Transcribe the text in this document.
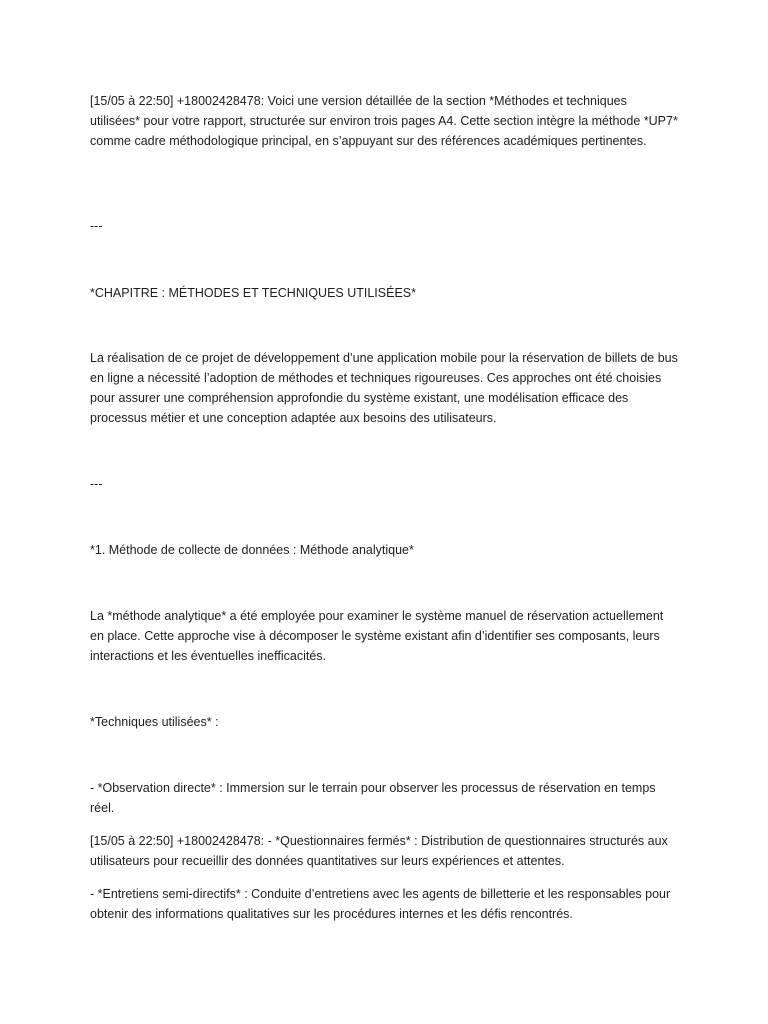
[15/05 à 22:50] +18002428478: Voici une version détaillée de la section *Méthodes et techniques utilisées* pour votre rapport, structurée sur environ trois pages A4. Cette section intègre la méthode *UP7* comme cadre méthodologique principal, en s’appuyant sur des références académiques pertinentes.

---

*CHAPITRE : MÉTHODES ET TECHNIQUES UTILISÉES*

La réalisation de ce projet de développement d’une application mobile pour la réservation de billets de bus en ligne a nécessité l’adoption de méthodes et techniques rigoureuses. Ces approches ont été choisies pour assurer une compréhension approfondie du système existant, une modélisation efficace des processus métier et une conception adaptée aux besoins des utilisateurs.

---

*1. Méthode de collecte de données : Méthode analytique*

La *méthode analytique* a été employée pour examiner le système manuel de réservation actuellement en place. Cette approche vise à décomposer le système existant afin d’identifier ses composants, leurs interactions et les éventuelles inefficacités.

*Techniques utilisées* :

- *Observation directe* : Immersion sur le terrain pour observer les processus de réservation en temps réel.

[15/05 à 22:50] +18002428478: - *Questionnaires fermés* : Distribution de questionnaires structurés aux utilisateurs pour recueillir des données quantitatives sur leurs expériences et attentes.

- *Entretiens semi-directifs* : Conduite d’entretiens avec les agents de billetterie et les responsables pour obtenir des informations qualitatives sur les procédures internes et les défis rencontrés.
